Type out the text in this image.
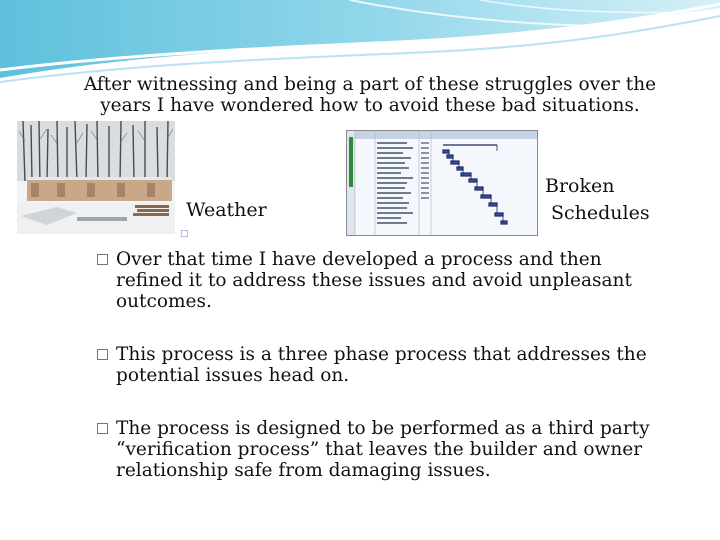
After witnessing and being a part of these struggles over the
years I have wondered how to avoid these bad situations.
Weather
Broken
Schedules
□
Over that time I have developed a process and then
refined it to address these issues and avoid unpleasant
outcomes.
This process is a three phase process that addresses the
potential issues head on.
The process is designed to be performed as a third party
“verification process” that leaves the builder and owner
relationship safe from damaging issues.
